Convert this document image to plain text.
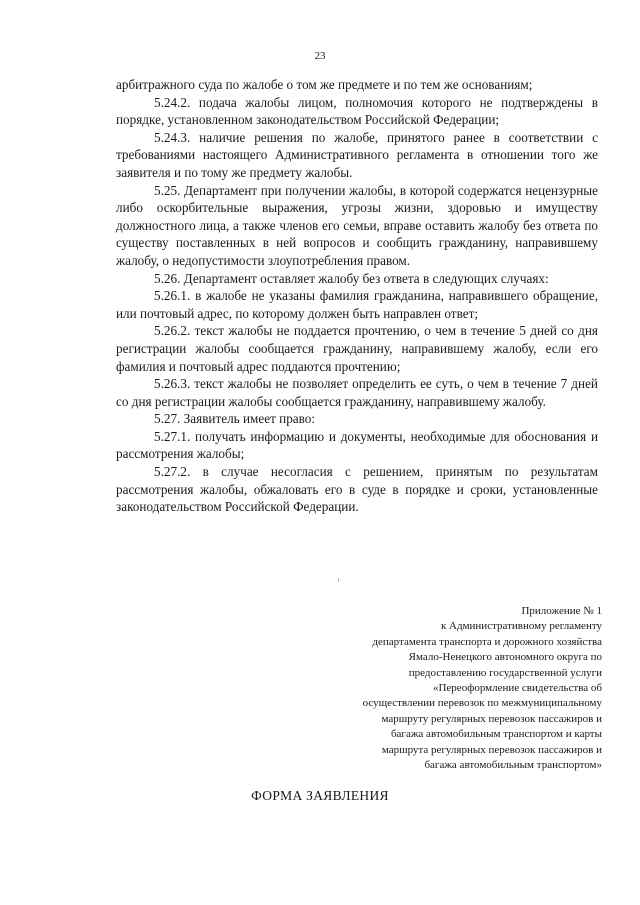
23

арбитражного суда по жалобе о том же предмете и по тем же основаниям;

5.24.2. подача жалобы лицом, полномочия которого не подтверждены в порядке, установленном законодательством Российской Федерации;

5.24.3. наличие решения по жалобе, принятого ранее в соответствии с требованиями настоящего Административного регламента в отношении того же заявителя и по тому же предмету жалобы.

5.25. Департамент при получении жалобы, в которой содержатся нецензурные либо оскорбительные выражения, угрозы жизни, здоровью и имуществу должностного лица, а также членов его семьи, вправе оставить жалобу без ответа по существу поставленных в ней вопросов и сообщить гражданину, направившему жалобу, о недопустимости злоупотребления правом.

5.26. Департамент оставляет жалобу без ответа в следующих случаях:

5.26.1. в жалобе не указаны фамилия гражданина, направившего обращение, или почтовый адрес, по которому должен быть направлен ответ;

5.26.2. текст жалобы не поддается прочтению, о чем в течение 5 дней со дня регистрации жалобы сообщается гражданину, направившему жалобу, если его фамилия и почтовый адрес поддаются прочтению;

5.26.3. текст жалобы не позволяет определить ее суть, о чем в течение 7 дней со дня регистрации жалобы сообщается гражданину, направившему жалобу.

5.27. Заявитель имеет право:

5.27.1. получать информацию и документы, необходимые для обоснования и рассмотрения жалобы;

5.27.2. в случае несогласия с решением, принятым по результатам рассмотрения жалобы, обжаловать его в суде в порядке и сроки, установленные законодательством Российской Федерации.

Приложение № 1
к Административному регламенту
департамента транспорта и дорожного хозяйства
Ямало-Ненецкого автономного округа по
предоставлению государственной услуги
«Переоформление свидетельства об
осуществлении перевозок по межмуниципальному
маршруту регулярных перевозок пассажиров и
багажа автомобильным транспортом и карты
маршрута регулярных перевозок пассажиров и
багажа автомобильным транспортом»
ФОРМА ЗАЯВЛЕНИЯ
